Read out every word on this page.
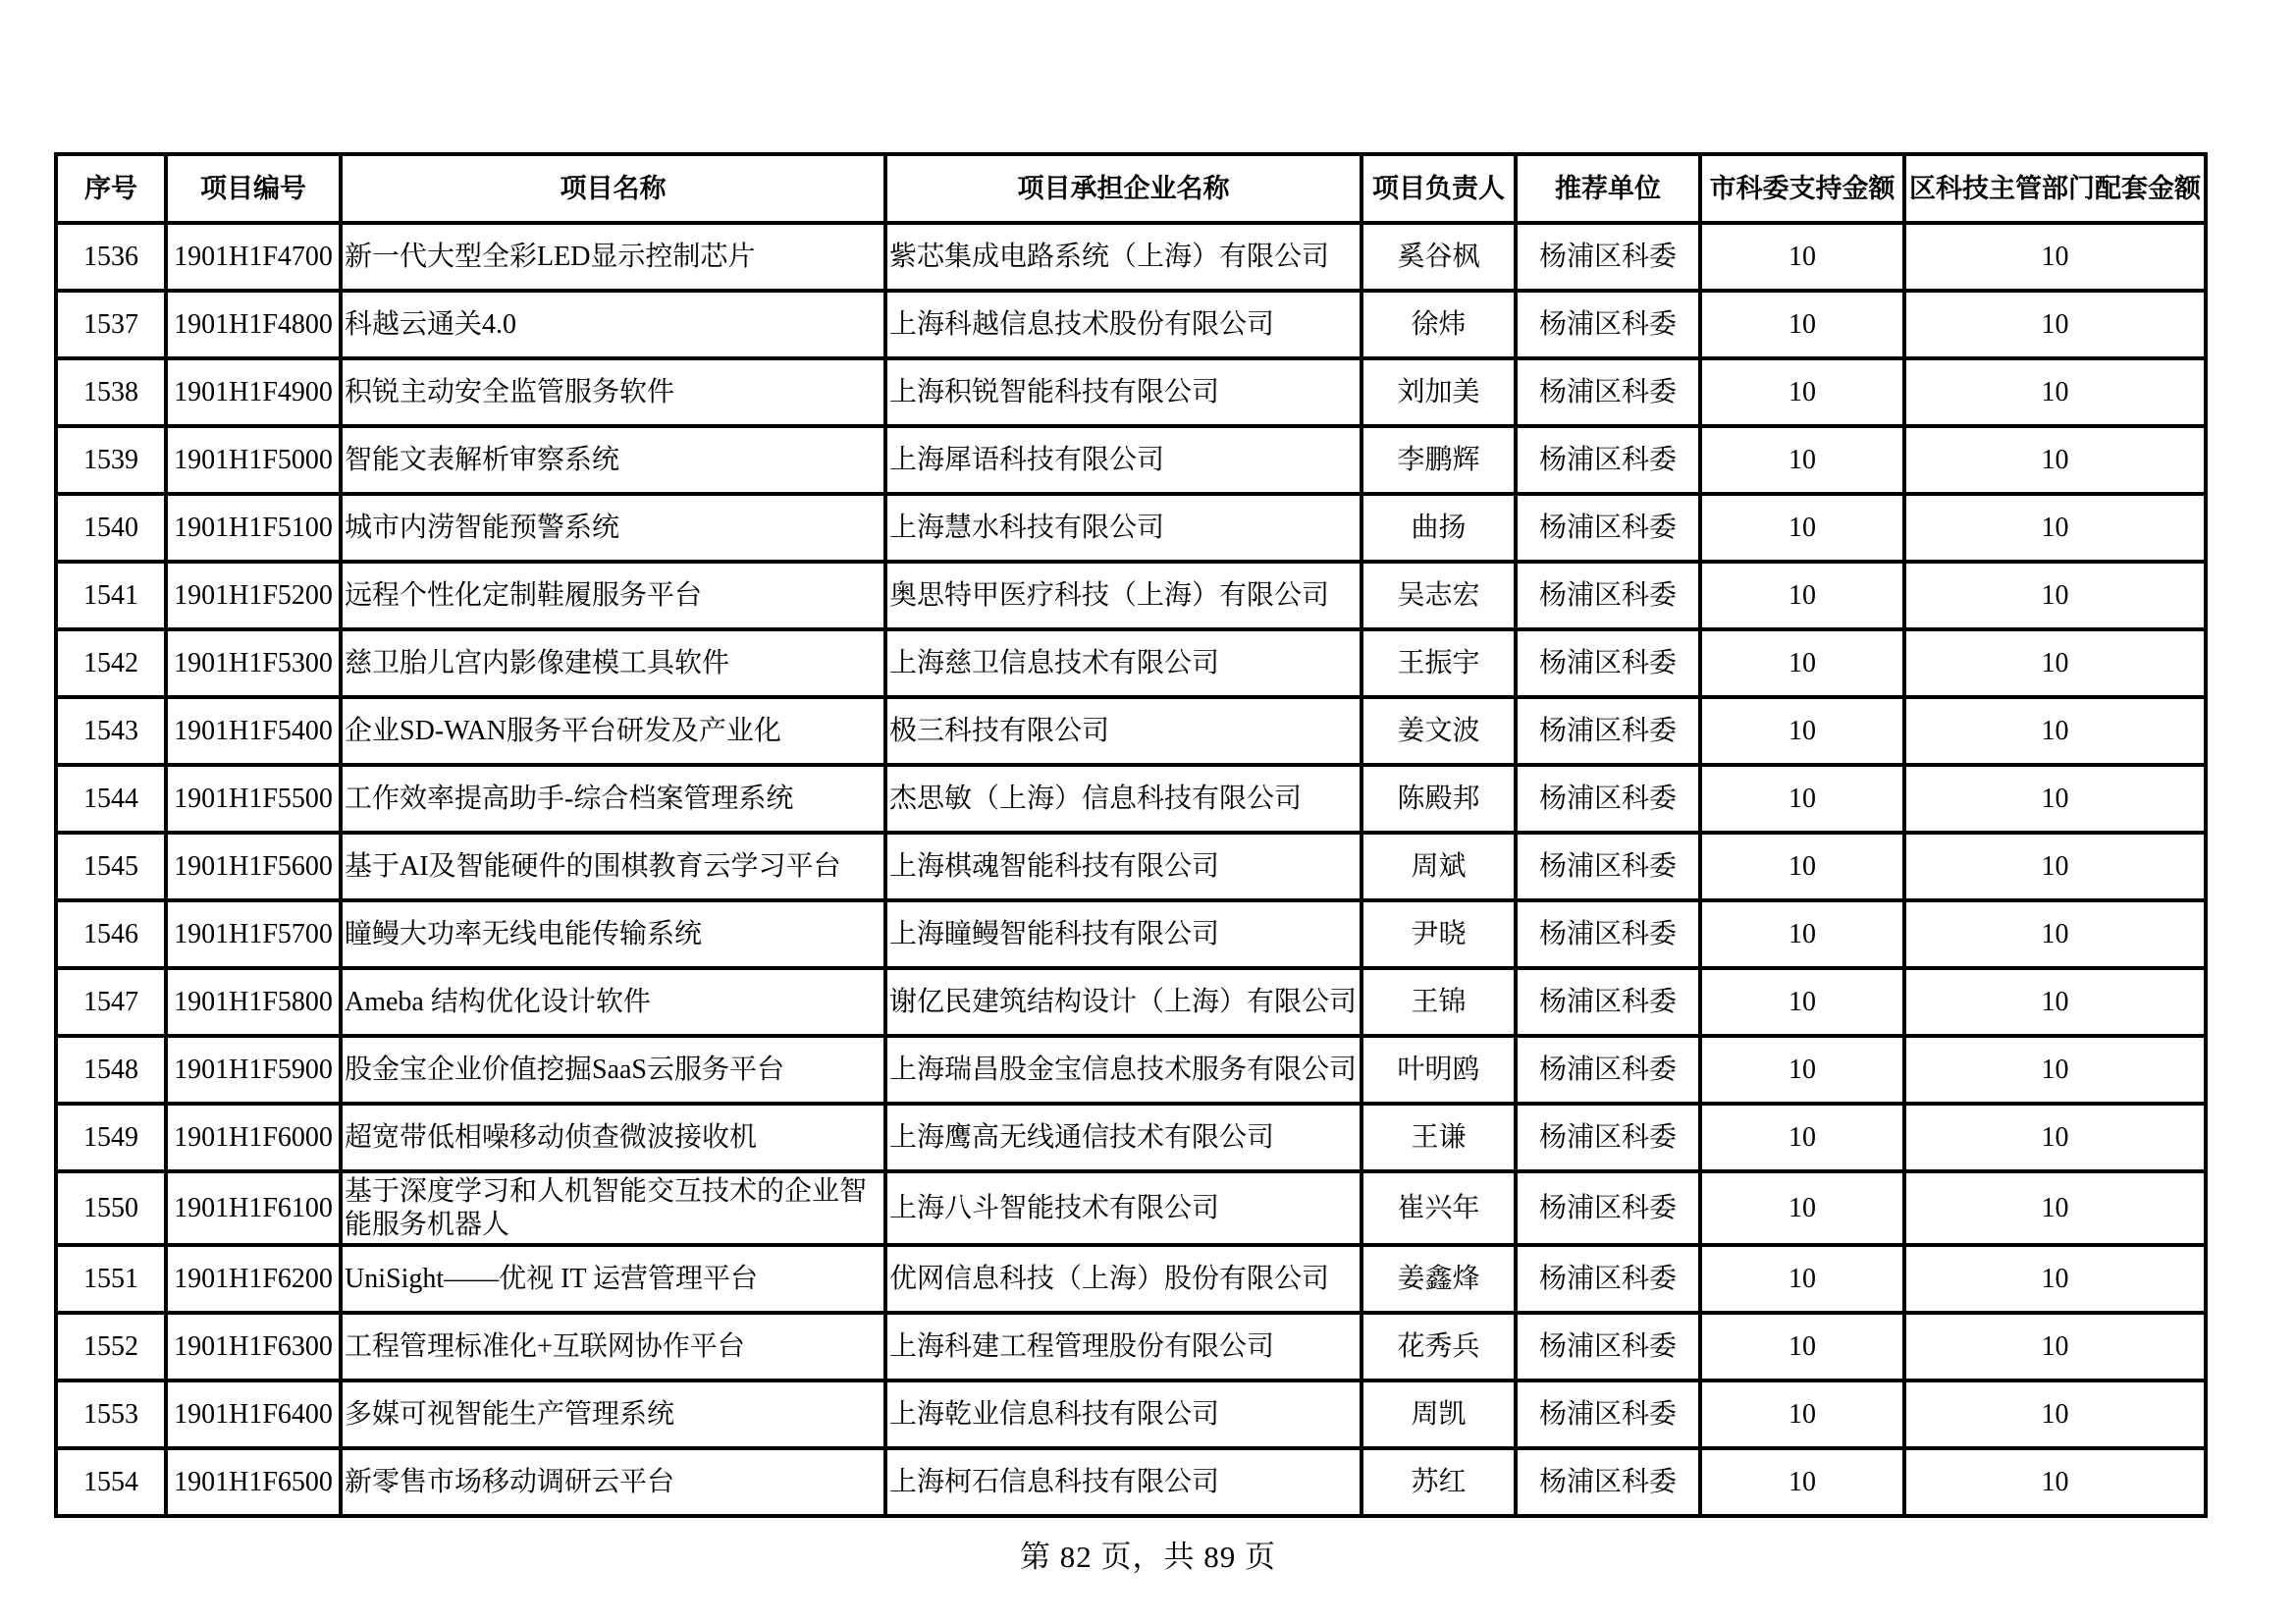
序号	项目编号	项目名称	项目承担企业名称	项目负责人	推荐单位	市科委支持金额	区科技主管部门配套金额
1536	1901H1F4700	新一代大型全彩LED显示控制芯片	紫芯集成电路系统（上海）有限公司	奚谷枫	杨浦区科委	10	10
1537	1901H1F4800	科越云通关4.0	上海科越信息技术股份有限公司	徐炜	杨浦区科委	10	10
1538	1901H1F4900	积锐主动安全监管服务软件	上海积锐智能科技有限公司	刘加美	杨浦区科委	10	10
1539	1901H1F5000	智能文表解析审察系统	上海犀语科技有限公司	李鹏辉	杨浦区科委	10	10
1540	1901H1F5100	城市内涝智能预警系统	上海慧水科技有限公司	曲扬	杨浦区科委	10	10
1541	1901H1F5200	远程个性化定制鞋履服务平台	奥思特甲医疗科技（上海）有限公司	吴志宏	杨浦区科委	10	10
1542	1901H1F5300	慈卫胎儿宫内影像建模工具软件	上海慈卫信息技术有限公司	王振宇	杨浦区科委	10	10
1543	1901H1F5400	企业SD-WAN服务平台研发及产业化	极三科技有限公司	姜文波	杨浦区科委	10	10
1544	1901H1F5500	工作效率提高助手-综合档案管理系统	杰思敏（上海）信息科技有限公司	陈殿邦	杨浦区科委	10	10
1545	1901H1F5600	基于AI及智能硬件的围棋教育云学习平台	上海棋魂智能科技有限公司	周斌	杨浦区科委	10	10
1546	1901H1F5700	瞳鳗大功率无线电能传输系统	上海瞳鳗智能科技有限公司	尹晓	杨浦区科委	10	10
1547	1901H1F5800	Ameba 结构优化设计软件	谢亿民建筑结构设计（上海）有限公司	王锦	杨浦区科委	10	10
1548	1901H1F5900	股金宝企业价值挖掘SaaS云服务平台	上海瑞昌股金宝信息技术服务有限公司	叶明鸥	杨浦区科委	10	10
1549	1901H1F6000	超宽带低相噪移动侦查微波接收机	上海鹰高无线通信技术有限公司	王谦	杨浦区科委	10	10
1550	1901H1F6100	基于深度学习和人机智能交互技术的企业智能服务机器人	上海八斗智能技术有限公司	崔兴年	杨浦区科委	10	10
1551	1901H1F6200	UniSight——优视 IT 运营管理平台	优网信息科技（上海）股份有限公司	姜鑫烽	杨浦区科委	10	10
1552	1901H1F6300	工程管理标准化+互联网协作平台	上海科建工程管理股份有限公司	花秀兵	杨浦区科委	10	10
1553	1901H1F6400	多媒可视智能生产管理系统	上海乾业信息科技有限公司	周凯	杨浦区科委	10	10
1554	1901H1F6500	新零售市场移动调研云平台	上海柯石信息科技有限公司	苏红	杨浦区科委	10	10
第 82 页，共 89 页
